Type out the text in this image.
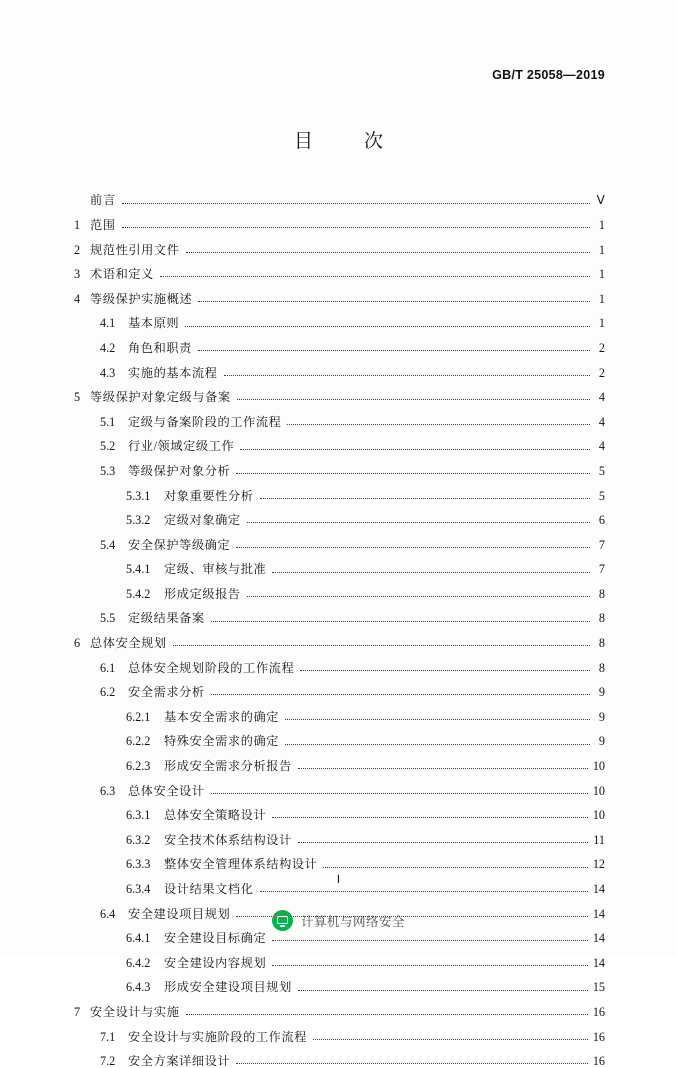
GB/T 25058—2019
目　次
前言	Ⅴ
1 范围	1
2 规范性引用文件	1
3 术语和定义	1
4 等级保护实施概述	1
4.1	基本原则	1
4.2	角色和职责	2
4.3	实施的基本流程	2
5 等级保护对象定级与备案	4
5.1	定级与备案阶段的工作流程	4
5.2	行业/领域定级工作	4
5.3	等级保护对象分析	5
5.3.1	对象重要性分析	5
5.3.2	定级对象确定	6
5.4	安全保护等级确定	7
5.4.1	定级、审核与批准	7
5.4.2	形成定级报告	8
5.5	定级结果备案	8
6 总体安全规划	8
6.1	总体安全规划阶段的工作流程	8
6.2	安全需求分析	9
6.2.1	基本安全需求的确定	9
6.2.2	特殊安全需求的确定	9
6.2.3	形成安全需求分析报告	10
6.3	总体安全设计	10
6.3.1	总体安全策略设计	10
6.3.2	安全技术体系结构设计	11
6.3.3	整体安全管理体系结构设计	12
6.3.4	设计结果文档化	14
6.4	安全建设项目规划	14
6.4.1	安全建设目标确定	14
6.4.2	安全建设内容规划	14
6.4.3	形成安全建设项目规划	15
7 安全设计与实施	16
7.1	安全设计与实施阶段的工作流程	16
7.2	安全方案详细设计	16
Ⅰ
计算机与网络安全
